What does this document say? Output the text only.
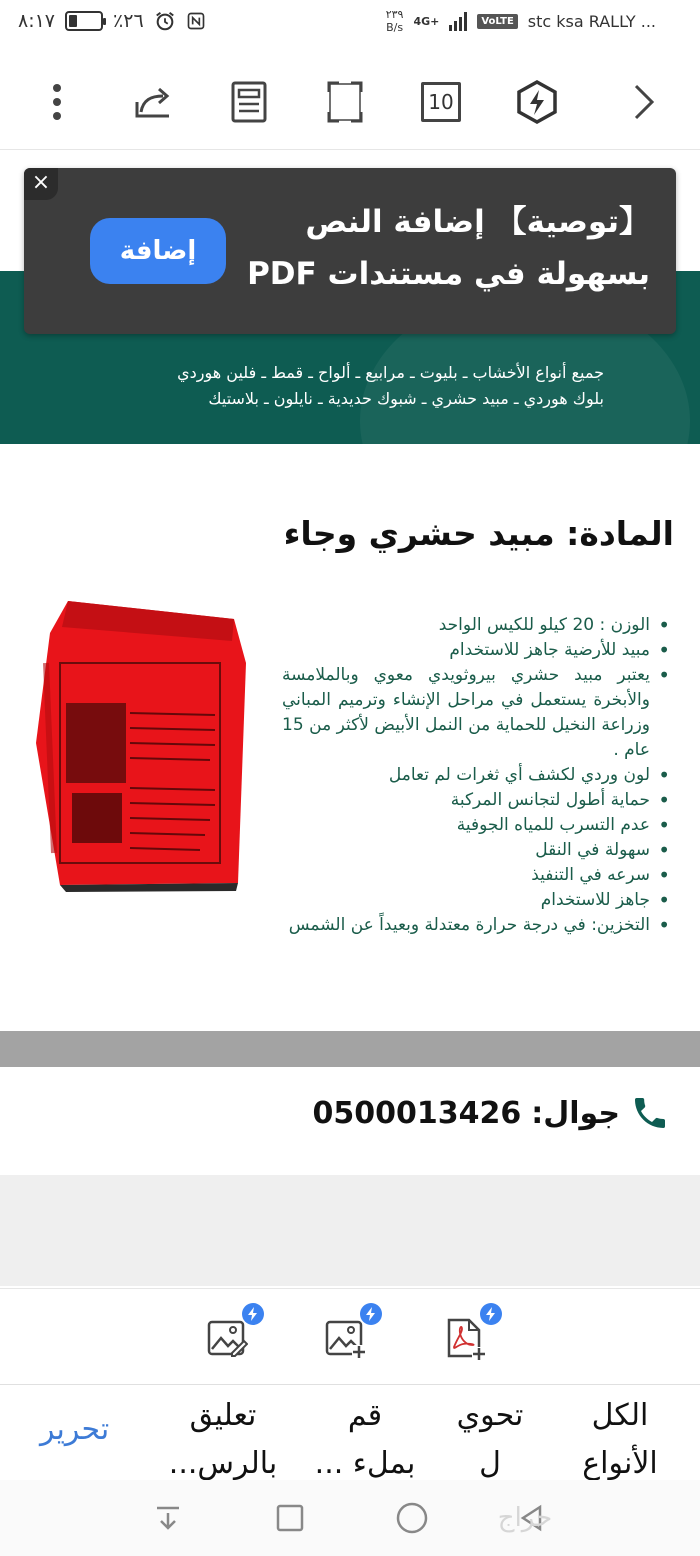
٨:١٧	٪٢٦	٢٣٩
B/s 4G+	VoLTE stc ksa RALLY ...
10
جميع أنواع الأخشاب ـ بليوت ـ مرابيع ـ ألواح ـ قمط ـ فلين هوردي
بلوك هوردي ـ مبيد حشري ـ شبوك حديدية ـ نايلون ـ بلاستيك
×
【توصية】 إضافة النص بسهولة في مستندات PDF
إضافة
المادة: مبيد حشري وجاء
• الوزن : 20 كيلو للكيس الواحد
• مبيد للأرضية جاهز للاستخدام
• يعتبر مبيد حشري بيروثويدي معوي وبالملامسة والأبخرة يستعمل في مراحل الإنشاء وترميم المباني وزراعة النخيل للحماية من النمل الأبيض لأكثر من 15 عام .
• لون وردي لكشف أي ثغرات لم تعامل
• حماية أطول لتجانس المركبة
• عدم التسرب للمياه الجوفية
• سهولة في النقل
• سرعه في التنفيذ
• جاهز للاستخدام
• التخزين: في درجة حرارة معتدلة وبعيداً عن الشمس
جوال:
0500013426
تحرير	تعليق
بالرس...
قم
بملء ...
تحوي
ل
الكل
الأنواع
حراج
